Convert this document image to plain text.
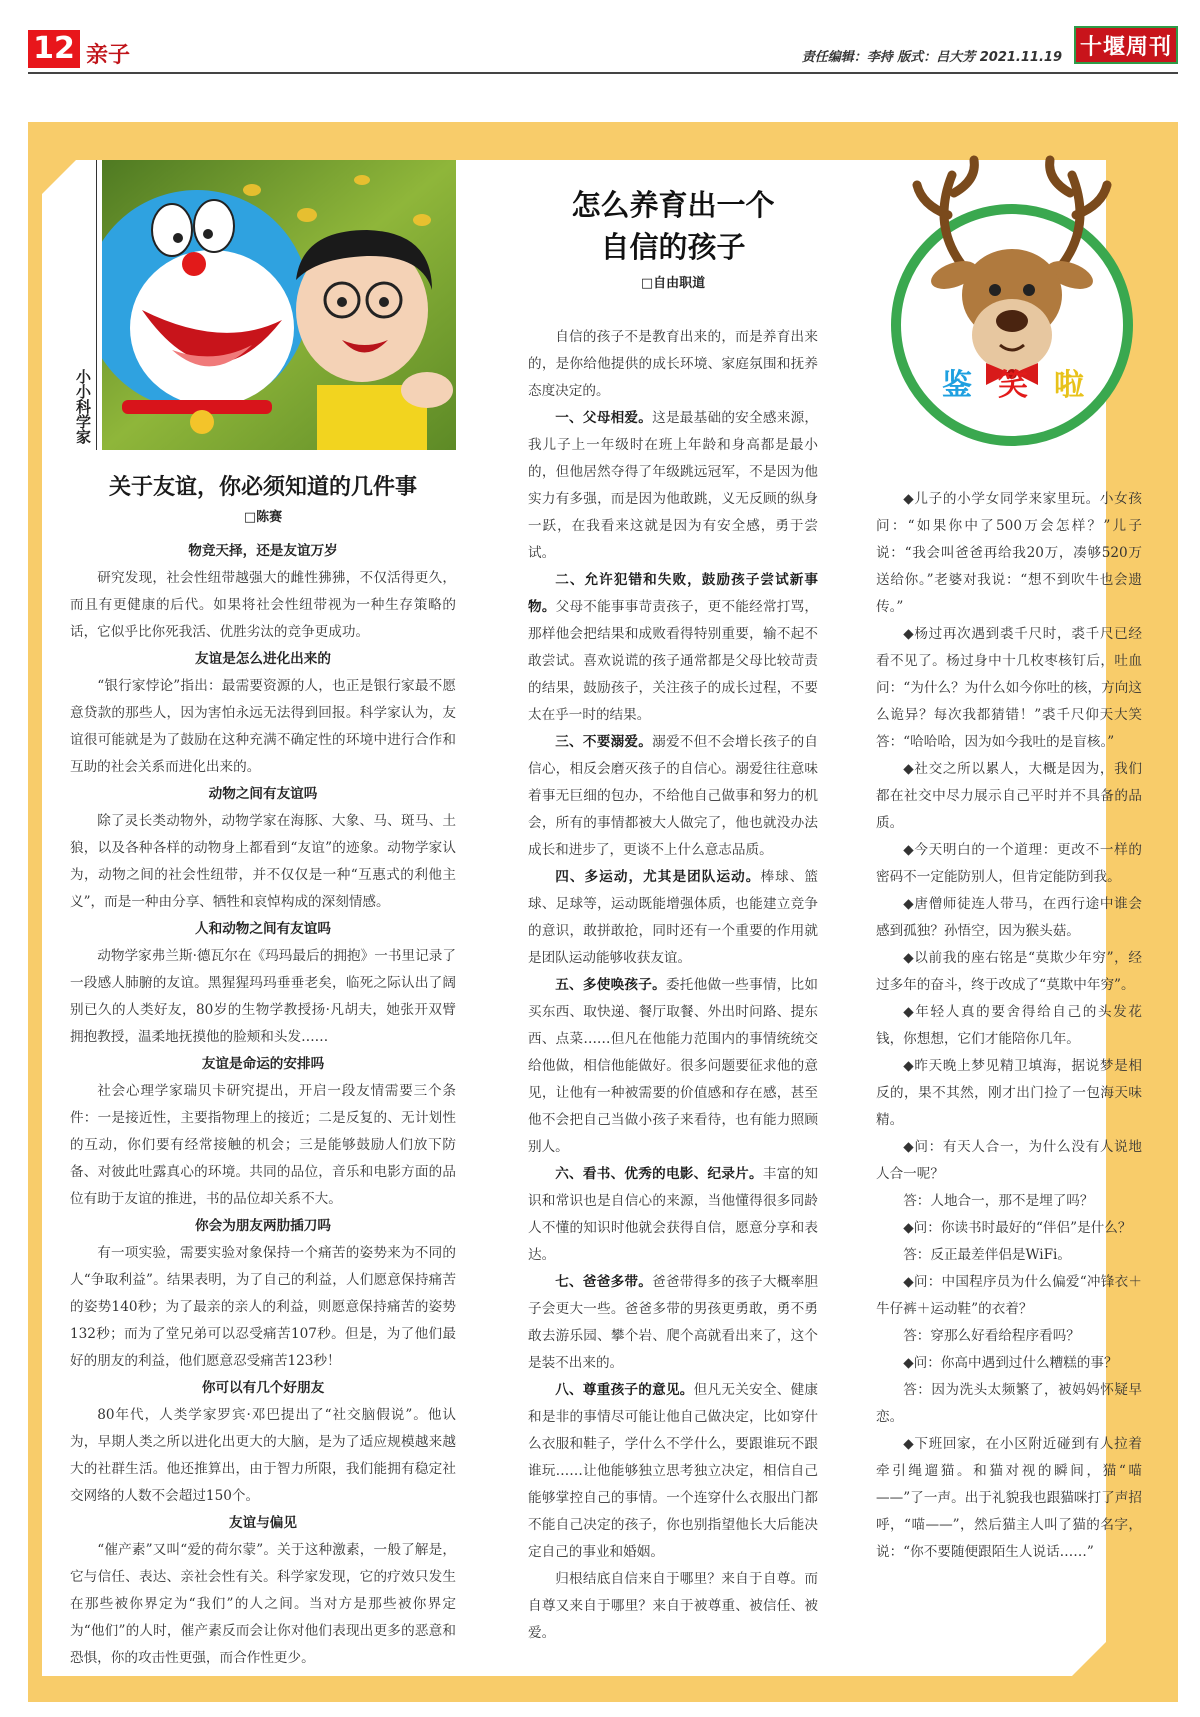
12 亲子	责任编辑：李持 版式：吕大芳 2021.11.19 十堰周刊
小小科学家
关于友谊，你必须知道的几件事
□陈赛
物竞天择，还是友谊万岁

研究发现，社会性纽带越强大的雌性狒狒，不仅活得更久，而且有更健康的后代。如果将社会性纽带视为一种生存策略的话，它似乎比你死我活、优胜劣汰的竞争更成功。

友谊是怎么进化出来的

“银行家悖论”指出：最需要资源的人，也正是银行家最不愿意贷款的那些人，因为害怕永远无法得到回报。科学家认为，友谊很可能就是为了鼓励在这种充满不确定性的环境中进行合作和互助的社会关系而进化出来的。

动物之间有友谊吗

除了灵长类动物外，动物学家在海豚、大象、马、斑马、土狼，以及各种各样的动物身上都看到“友谊”的迹象。动物学家认为，动物之间的社会性纽带，并不仅仅是一种“互惠式的利他主义”，而是一种由分享、牺牲和哀悼构成的深刻情感。

人和动物之间有友谊吗

动物学家弗兰斯·德瓦尔在《玛玛最后的拥抱》一书里记录了一段感人肺腑的友谊。黑猩猩玛玛垂垂老矣，临死之际认出了阔别已久的人类好友，80岁的生物学教授扬·凡胡夫，她张开双臂拥抱教授，温柔地抚摸他的脸颊和头发……

友谊是命运的安排吗

社会心理学家瑞贝卡研究提出，开启一段友情需要三个条件：一是接近性，主要指物理上的接近；二是反复的、无计划性的互动，你们要有经常接触的机会；三是能够鼓励人们放下防备、对彼此吐露真心的环境。共同的品位，音乐和电影方面的品位有助于友谊的推进，书的品位却关系不大。

你会为朋友两肋插刀吗

有一项实验，需要实验对象保持一个痛苦的姿势来为不同的人“争取利益”。结果表明，为了自己的利益，人们愿意保持痛苦的姿势140秒；为了最亲的亲人的利益，则愿意保持痛苦的姿势132秒；而为了堂兄弟可以忍受痛苦107秒。但是，为了他们最好的朋友的利益，他们愿意忍受痛苦123秒！

你可以有几个好朋友

80年代，人类学家罗宾·邓巴提出了“社交脑假说”。他认为，早期人类之所以进化出更大的大脑，是为了适应规模越来越大的社群生活。他还推算出，由于智力所限，我们能拥有稳定社交网络的人数不会超过150个。

友谊与偏见

“催产素”又叫“爱的荷尔蒙”。关于这种激素，一般了解是，它与信任、表达、亲社会性有关。科学家发现，它的疗效只发生在那些被你界定为“我们”的人之间。当对方是那些被你界定为“他们”的人时，催产素反而会让你对他们表现出更多的恶意和恐惧，你的攻击性更强，而合作性更少。

怎么养育出一个
自信的孩子
□自由职道

自信的孩子不是教育出来的，而是养育出来的，是你给他提供的成长环境、家庭氛围和抚养态度决定的。

一、父母相爱。这是最基础的安全感来源，我儿子上一年级时在班上年龄和身高都是最小的，但他居然夺得了年级跳远冠军，不是因为他实力有多强，而是因为他敢跳，义无反顾的纵身一跃，在我看来这就是因为有安全感，勇于尝试。

二、允许犯错和失败，鼓励孩子尝试新事物。父母不能事事苛责孩子，更不能经常打骂，那样他会把结果和成败看得特别重要，输不起不敢尝试。喜欢说谎的孩子通常都是父母比较苛责的结果，鼓励孩子，关注孩子的成长过程，不要太在乎一时的结果。

三、不要溺爱。溺爱不但不会增长孩子的自信心，相反会磨灭孩子的自信心。溺爱往往意味着事无巨细的包办，不给他自己做事和努力的机会，所有的事情都被大人做完了，他也就没办法成长和进步了，更谈不上什么意志品质。

四、多运动，尤其是团队运动。棒球、篮球、足球等，运动既能增强体质，也能建立竞争的意识，敢拼敢抢，同时还有一个重要的作用就是团队运动能够收获友谊。

五、多使唤孩子。委托他做一些事情，比如买东西、取快递、餐厅取餐、外出时问路、提东西、点菜……但凡在他能力范围内的事情统统交给他做，相信他能做好。很多问题要征求他的意见，让他有一种被需要的价值感和存在感，甚至他不会把自己当做小孩子来看待，也有能力照顾别人。

六、看书、优秀的电影、纪录片。丰富的知识和常识也是自信心的来源，当他懂得很多同龄人不懂的知识时他就会获得自信，愿意分享和表达。

七、爸爸多带。爸爸带得多的孩子大概率胆子会更大一些。爸爸多带的男孩更勇敢，勇不勇敢去游乐园、攀个岩、爬个高就看出来了，这个是装不出来的。

八、尊重孩子的意见。但凡无关安全、健康和是非的事情尽可能让他自己做决定，比如穿什么衣服和鞋子，学什么不学什么，要跟谁玩不跟谁玩……让他能够独立思考独立决定，相信自己能够掌控自己的事情。一个连穿什么衣服出门都不能自己决定的孩子，你也别指望他长大后能决定自己的事业和婚姻。

归根结底自信来自于哪里？来自于自尊。而自尊又来自于哪里？来自于被尊重、被信任、被爱。

鉴 笑 啦

◆儿子的小学女同学来家里玩。小女孩问：“如果你中了500万会怎样？”儿子说：“我会叫爸爸再给我20万，凑够520万送给你。”老婆对我说：“想不到吹牛也会遗传。”

◆杨过再次遇到裘千尺时，裘千尺已经看不见了。杨过身中十几枚枣核钉后，吐血问：“为什么？为什么如今你吐的核，方向这么诡异？每次我都猜错！”裘千尺仰天大笑答：“哈哈哈，因为如今我吐的是盲核。”

◆社交之所以累人，大概是因为，我们都在社交中尽力展示自己平时并不具备的品质。

◆今天明白的一个道理：更改不一样的密码不一定能防别人，但肯定能防到我。

◆唐僧师徒连人带马，在西行途中谁会感到孤独？孙悟空，因为猴头菇。

◆以前我的座右铭是“莫欺少年穷”，经过多年的奋斗，终于改成了“莫欺中年穷”。

◆年轻人真的要舍得给自己的头发花钱，你想想，它们才能陪你几年。

◆昨天晚上梦见精卫填海，据说梦是相反的，果不其然，刚才出门捡了一包海天味精。

◆问：有天人合一，为什么没有人说地人合一呢？

答：人地合一，那不是埋了吗？

◆问：你读书时最好的“伴侣”是什么？

答：反正最差伴侣是WiFi。

◆问：中国程序员为什么偏爱“冲锋衣＋牛仔裤＋运动鞋”的衣着？

答：穿那么好看给程序看吗？

◆问：你高中遇到过什么糟糕的事？

答：因为洗头太频繁了，被妈妈怀疑早恋。

◆下班回家，在小区附近碰到有人拉着牵引绳遛猫。和猫对视的瞬间，猫“喵——”了一声。出于礼貌我也跟猫咪打了声招呼，“喵——”，然后猫主人叫了猫的名字，说：“你不要随便跟陌生人说话……”
